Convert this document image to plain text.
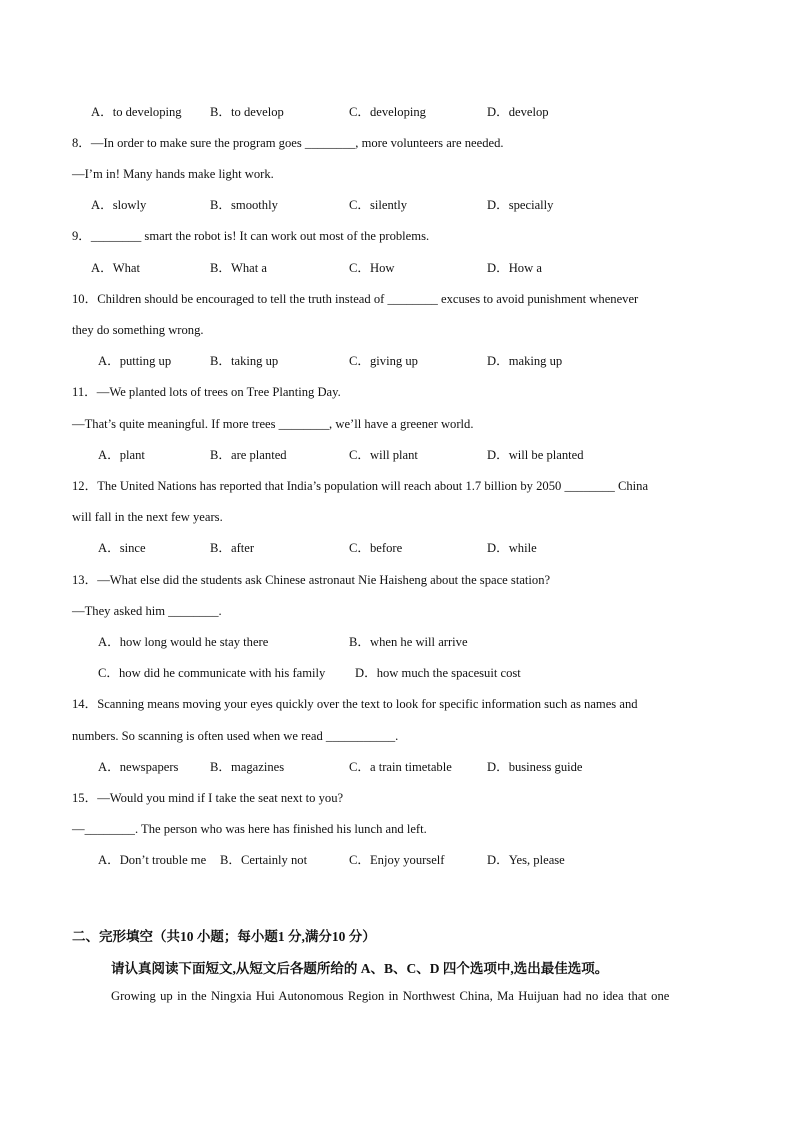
A．to developing B．to develop	C．developing	D．develop
8．—In order to make sure the program goes ________, more volunteers are needed.
—I’m in! Many hands make light work.
A．slowly	B．smoothly	C．silently	D．specially
9．________ smart the robot is! It can work out most of the problems.
A．What	B．What a	C．How	D．How a
10．Children should be encouraged to tell the truth instead of ________ excuses to avoid punishment whenever
they do something wrong.
A．putting up	B．taking up	C．giving up	D．making up
11．—We planted lots of trees on Tree Planting Day.
—That’s quite meaningful. If more trees ________, we’ll have a greener world.
A．plant	B．are planted	C．will plant	D．will be planted
12．The United Nations has reported that India’s population will reach about 1.7 billion by 2050 ________ China
will fall in the next few years.
A．since	B．after	C．before	D．while
13．—What else did the students ask Chinese astronaut Nie Haisheng about the space station?
—They asked him ________.
A．how long would he stay there	B．when he will arrive
C．how did he communicate with his family D．how much the spacesuit cost
14．Scanning means moving your eyes quickly over the text to look for specific information such as names and
numbers. So scanning is often used when we read ___________.
A．newspapers	B．magazines	C．a train timetable	D．business guide
15．—Would you mind if I take the seat next to you?
—________. The person who was here has finished his lunch and left.
A．Don’t trouble me B．Certainly not	C．Enjoy yourself	D．Yes, please
二、完形填空（共10 小题；每小题1 分,满分10 分）
请认真阅读下面短文,从短文后各题所给的 A、B、C、D 四个选项中,选出最佳选项。
Growing up in the Ningxia Hui Autonomous Region in Northwest China, Ma Huijuan had no idea that one
